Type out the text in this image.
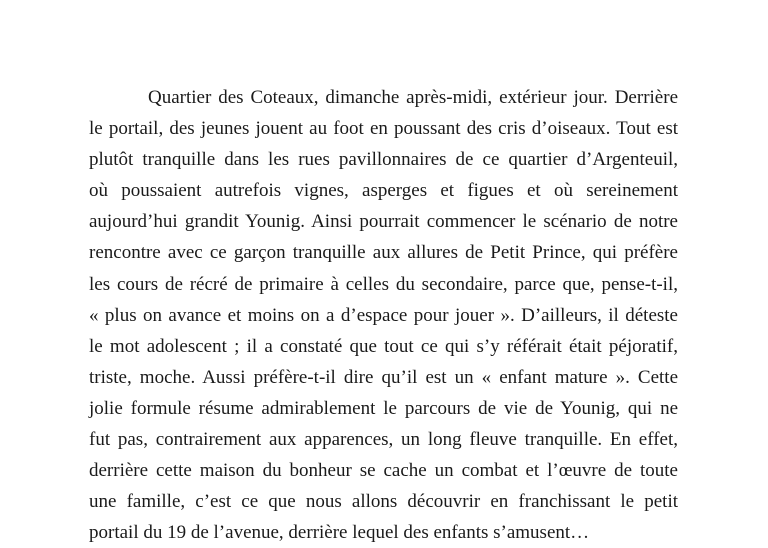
Quartier des Coteaux, dimanche après-midi, extérieur jour. Derrière
le portail, des jeunes jouent au foot en poussant des cris d’oiseaux. Tout est
plutôt tranquille dans les rues pavillonnaires de ce quartier d’Argenteuil,
où poussaient autrefois vignes, asperges et figues et où sereinement
aujourd’hui grandit Younig. Ainsi pourrait commencer le scénario de notre
rencontre avec ce garçon tranquille aux allures de Petit Prince, qui préfère
les cours de récré de primaire à celles du secondaire, parce que, pense-t-il,
« plus on avance et moins on a d’espace pour jouer ». D’ailleurs, il déteste
le mot adolescent ; il a constaté que tout ce qui s’y référait était péjoratif,
triste, moche. Aussi préfère-t-il dire qu’il est un « enfant mature ». Cette
jolie formule résume admirablement le parcours de vie de Younig, qui ne
fut pas, contrairement aux apparences, un long fleuve tranquille. En effet,
derrière cette maison du bonheur se cache un combat et l’œuvre de toute
une famille, c’est ce que nous allons découvrir en franchissant le petit
portail du 19 de l’avenue, derrière lequel des enfants s’amusent…
